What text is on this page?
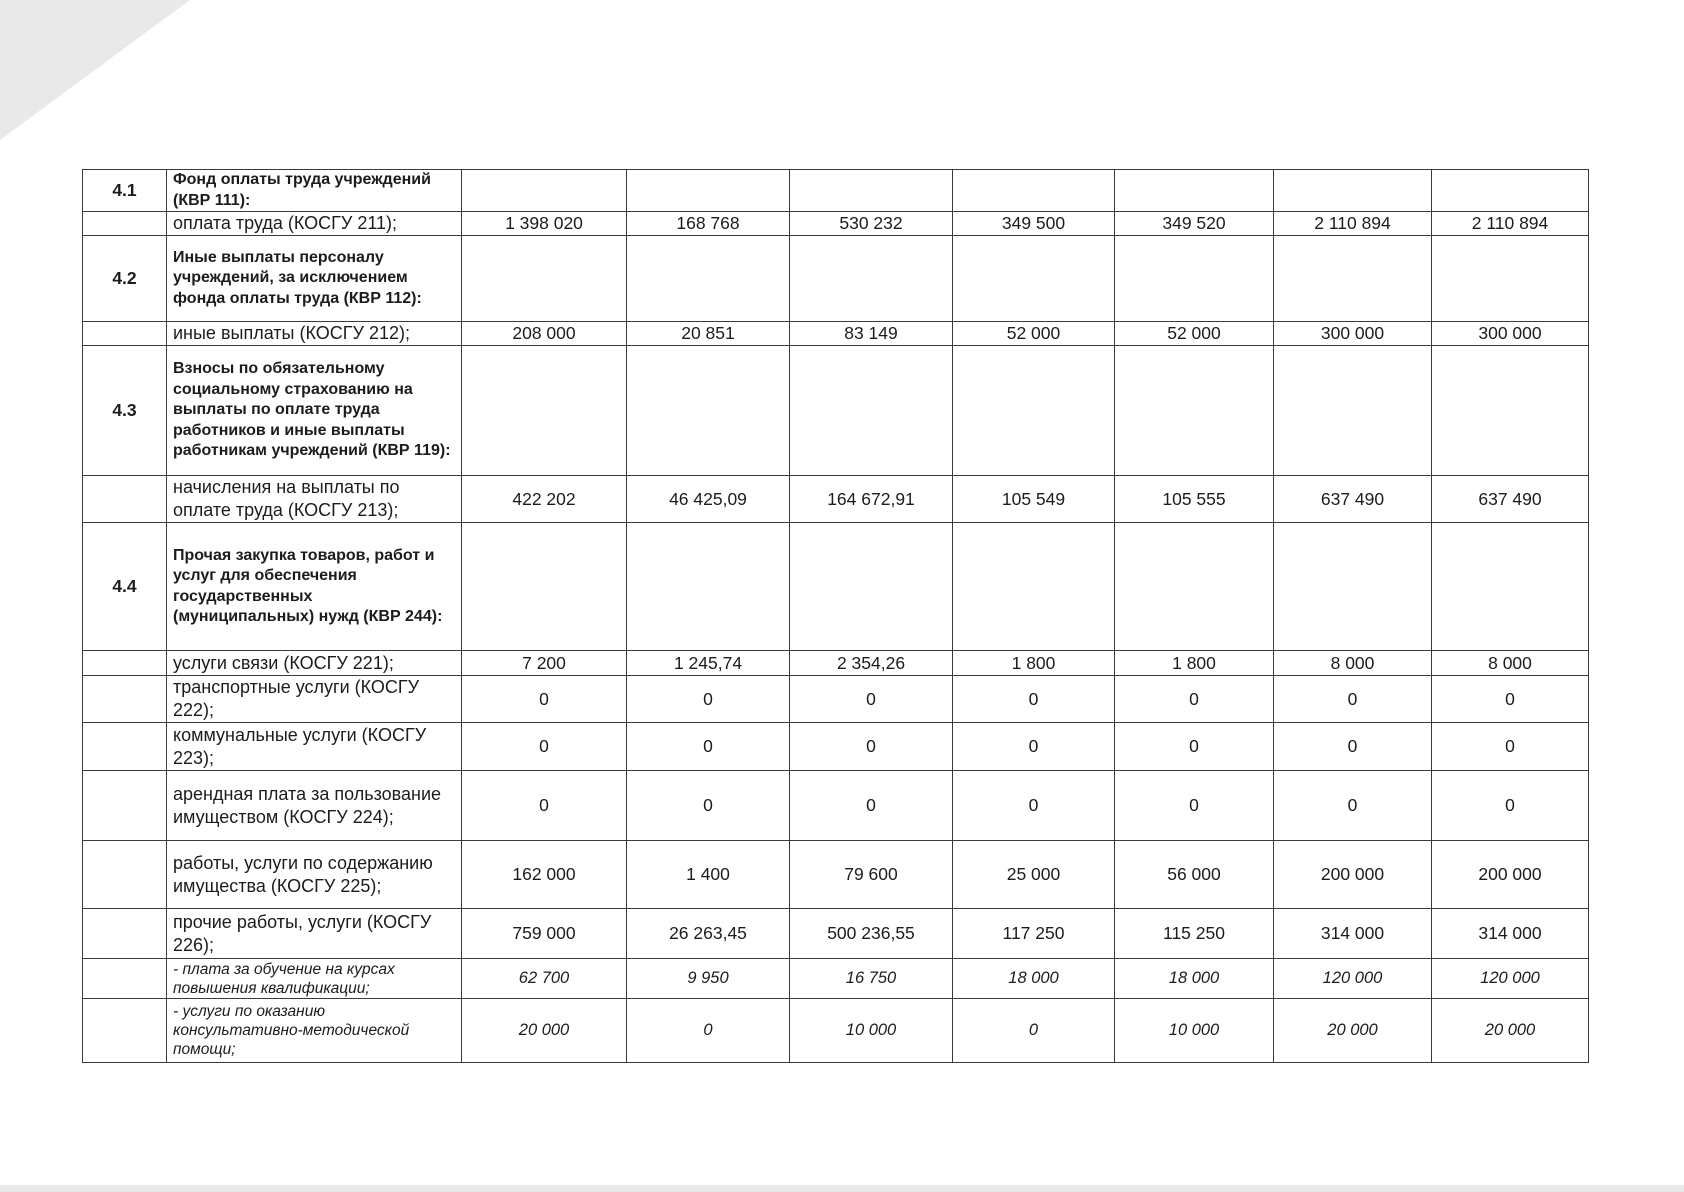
4.1	Фонд оплаты труда учреждений (КВР 111):							
	оплата труда (КОСГУ 211);	1 398 020	168 768	530 232	349 500	349 520	2 110 894	2 110 894
4.2	Иные выплаты персоналу учреждений, за исключением фонда оплаты труда (КВР 112):							
	иные выплаты (КОСГУ 212);	208 000	20 851	83 149	52 000	52 000	300 000	300 000
4.3	Взносы по обязательному социальному страхованию на выплаты по оплате труда работников и иные выплаты работникам учреждений (КВР 119):							
	начисления на выплаты по оплате труда (КОСГУ 213);	422 202	46 425,09	164 672,91	105 549	105 555	637 490	637 490
4.4	Прочая закупка товаров, работ и услуг для обеспечения государственных (муниципальных) нужд (КВР 244):							
	услуги связи (КОСГУ 221);	7 200	1 245,74	2 354,26	1 800	1 800	8 000	8 000
	транспортные услуги (КОСГУ 222);	0	0	0	0	0	0	0
	коммунальные услуги (КОСГУ 223);	0	0	0	0	0	0	0
	арендная плата за пользование имуществом (КОСГУ 224);	0	0	0	0	0	0	0
	работы, услуги по содержанию имущества (КОСГУ 225);	162 000	1 400	79 600	25 000	56 000	200 000	200 000
	прочие работы, услуги (КОСГУ 226);	759 000	26 263,45	500 236,55	117 250	115 250	314 000	314 000
	- плата за обучение на курсах повышения квалификации;	62 700	9 950	16 750	18 000	18 000	120 000	120 000
	- услуги по оказанию консультативно-методической помощи;	20 000	0	10 000	0	10 000	20 000	20 000
